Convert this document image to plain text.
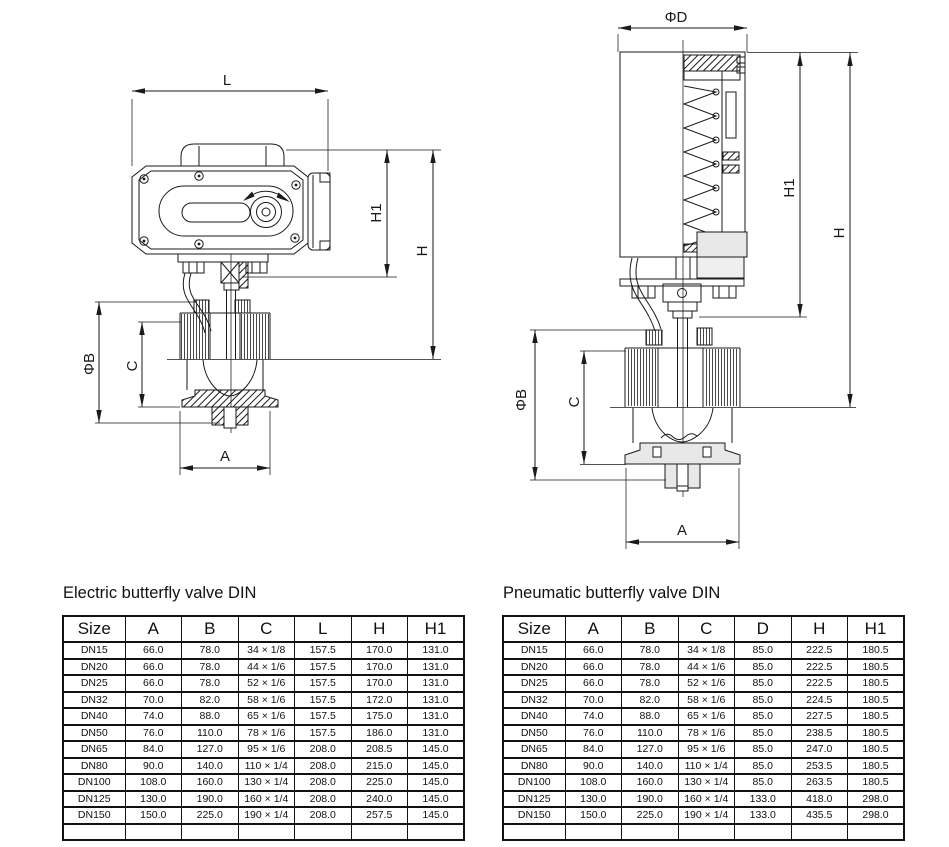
L
ΦB C
A
H1
H
ΦD
ΦB C
A
H1
H
Electric butterfly valve DIN
Size	A	B	C	L	H	H1
DN15	66.0	78.0	34 × 1/8	157.5	170.0	131.0
DN20	66.0	78.0	44 × 1/6	157.5	170.0	131.0
DN25	66.0	78.0	52 × 1/6	157.5	170.0	131.0
DN32	70.0	82.0	58 × 1/6	157.5	172.0	131.0
DN40	74.0	88.0	65 × 1/6	157.5	175.0	131.0
DN50	76.0	110.0	78 × 1/6	157.5	186.0	131.0
DN65	84.0	127.0	95 × 1/6	208.0	208.5	145.0
DN80	90.0	140.0	110 × 1/4	208.0	215.0	145.0
DN100	108.0	160.0	130 × 1/4	208.0	225.0	145.0
DN125	130.0	190.0	160 × 1/4	208.0	240.0	145.0
DN150	150.0	225.0	190 × 1/4	208.0	257.5	145.0

Pneumatic butterfly valve DIN
Size	A	B	C	D	H	H1
DN15	66.0	78.0	34 × 1/8	85.0	222.5	180.5
DN20	66.0	78.0	44 × 1/6	85.0	222.5	180.5
DN25	66.0	78.0	52 × 1/6	85.0	222.5	180.5
DN32	70.0	82.0	58 × 1/6	85.0	224.5	180.5
DN40	74.0	88.0	65 × 1/6	85.0	227.5	180.5
DN50	76.0	110.0	78 × 1/6	85.0	238.5	180.5
DN65	84.0	127.0	95 × 1/6	85.0	247.0	180.5
DN80	90.0	140.0	110 × 1/4	85.0	253.5	180.5
DN100	108.0	160.0	130 × 1/4	85.0	263.5	180.5
DN125	130.0	190.0	160 × 1/4	133.0	418.0	298.0
DN150	150.0	225.0	190 × 1/4	133.0	435.5	298.0
